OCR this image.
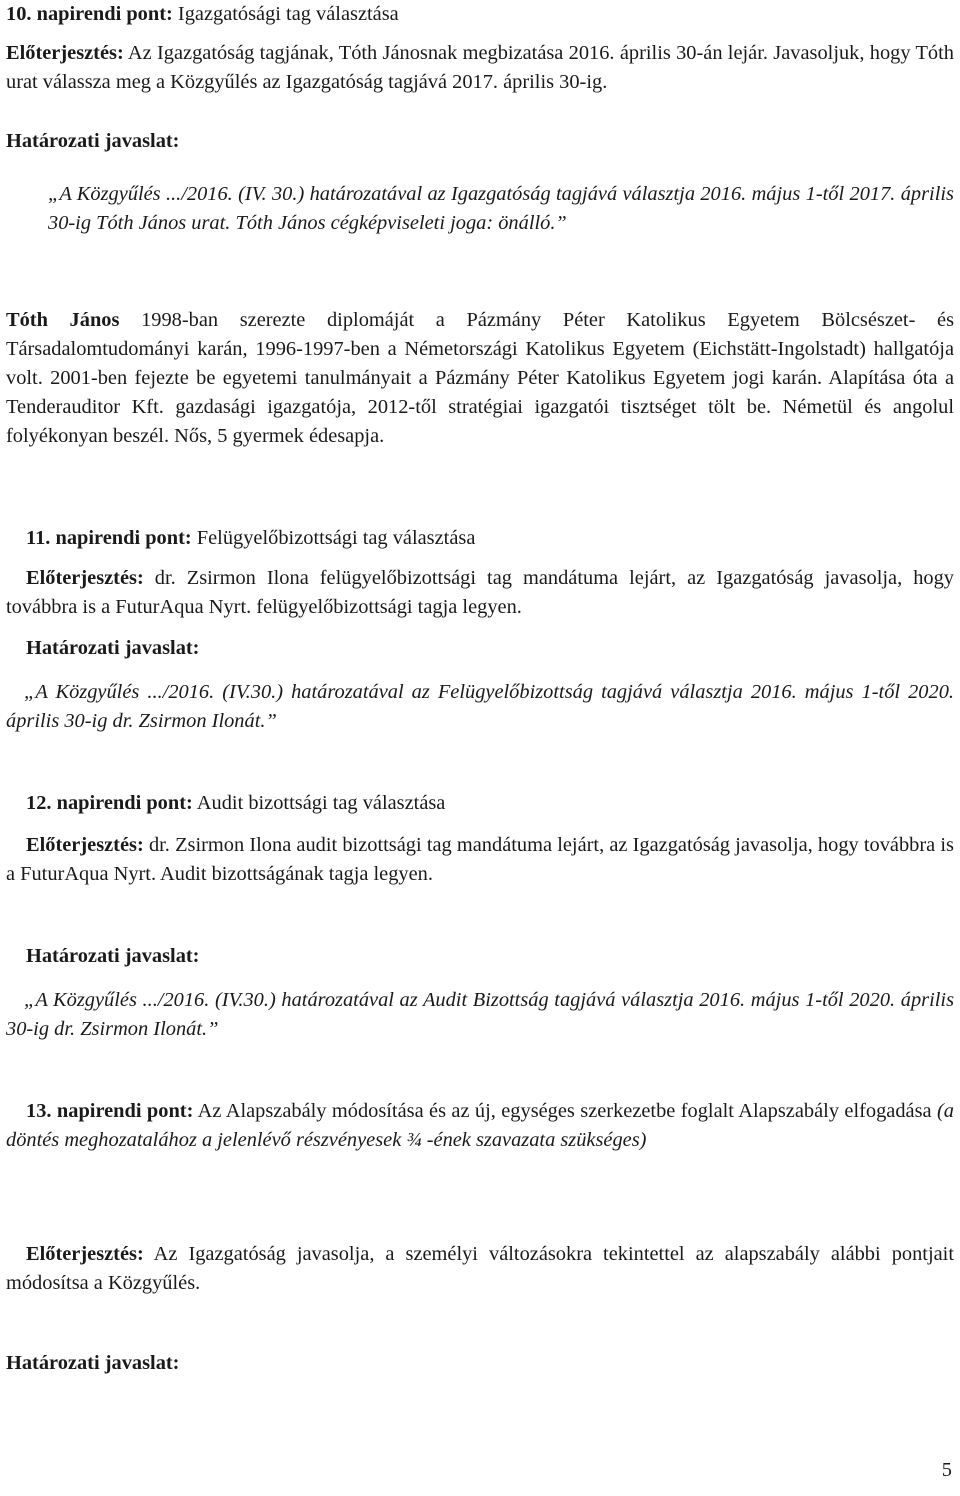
10. napirendi pont: Igazgatósági tag választása

Előterjesztés: Az Igazgatóság tagjának, Tóth Jánosnak megbizatása 2016. április 30-án lejár. Javasoljuk, hogy Tóth urat válassza meg a Közgyűlés az Igazgatóság tagjává 2017. április 30-ig.

Határozati javaslat:

„A Közgyűlés .../2016. (IV. 30.) határozatával az Igazgatóság tagjává választja 2016. május 1-től 2017. április 30-ig Tóth János urat. Tóth János cégképviseleti joga: önálló.”

Tóth János 1998-ban szerezte diplomáját a Pázmány Péter Katolikus Egyetem Bölcsészet- és Társadalomtudományi karán, 1996-1997-ben a Németországi Katolikus Egyetem (Eichstätt-Ingolstadt) hallgatója volt. 2001-ben fejezte be egyetemi tanulmányait a Pázmány Péter Katolikus Egyetem jogi karán. Alapítása óta a Tenderauditor Kft. gazdasági igazgatója, 2012-től stratégiai igazgatói tisztséget tölt be. Németül és angolul folyékonyan beszél. Nős, 5 gyermek édesapja.

11. napirendi pont: Felügyelőbizottsági tag választása

Előterjesztés: dr. Zsirmon Ilona felügyelőbizottsági tag mandátuma lejárt, az Igazgatóság javasolja, hogy továbbra is a FuturAqua Nyrt. felügyelőbizottsági tagja legyen.

Határozati javaslat:

„A Közgyűlés .../2016. (IV.30.) határozatával az Felügyelőbizottság tagjává választja 2016. május 1-től 2020. április 30-ig dr. Zsirmon Ilonát.”

12. napirendi pont: Audit bizottsági tag választása

Előterjesztés: dr. Zsirmon Ilona audit bizottsági tag mandátuma lejárt, az Igazgatóság javasolja, hogy továbbra is a FuturAqua Nyrt. Audit bizottságának tagja legyen.

Határozati javaslat:

„A Közgyűlés .../2016. (IV.30.) határozatával az Audit Bizottság tagjává választja 2016. május 1-től 2020. április 30-ig dr. Zsirmon Ilonát.”

13. napirendi pont: Az Alapszabály módosítása és az új, egységes szerkezetbe foglalt Alapszabály elfogadása (a döntés meghozatalához a jelenlévő részvényesek ¾ -ének szavazata szükséges)

Előterjesztés: Az Igazgatóság javasolja, a személyi változásokra tekintettel az alapszabály alábbi pontjait módosítsa a Közgyűlés.

Határozati javaslat:

5
